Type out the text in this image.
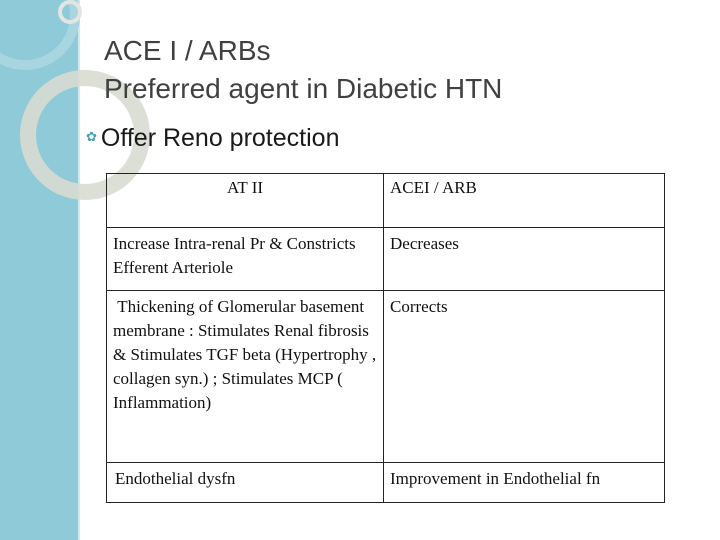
ACE I / ARBs
Preferred agent in Diabetic HTN
✿ Offer Reno protection
AT II	ACEI / ARB

Increase Intra-renal Pr & Constricts Efferent Arteriole	Decreases

Thickening of Glomerular basement   membrane : Stimulates Renal fibrosis & Stimulates TGF beta (Hypertrophy , collagen syn.) ; Stimulates MCP ( Inflammation)	Corrects

Endothelial dysfn	Improvement in Endothelial fn
